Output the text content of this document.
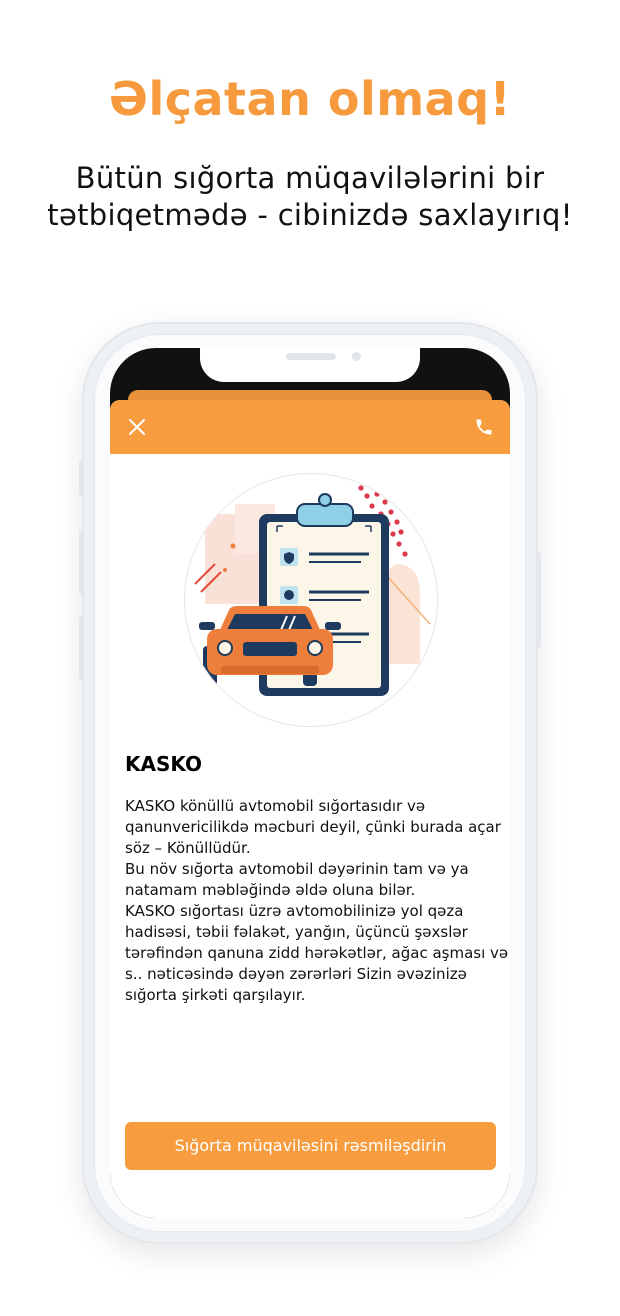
Əlçatan olmaq!
Bütün sığorta müqavilələrini bir
tətbiqetmədə - cibinizdə saxlayırıq!
KASKO

KASKO könüllü avtomobil sığortasıdır və

qanunvericilikdə məcburi deyil, çünki burada açar

söz – Könüllüdür.

Bu növ sığorta avtomobil dəyərinin tam və ya

natamam məbləğində əldə oluna bilər.

KASKO sığortası üzrə avtomobilinizə yol qəza

hadisəsi, təbii fəlakət, yanğın, üçüncü şəxslər

tərəfindən qanuna zidd hərəkətlər, ağac aşması və

s.. nəticəsində dəyən zərərləri Sizin əvəzinizə

sığorta şirkəti qarşılayır.

Sığorta müqaviləsini rəsmiləşdirin
